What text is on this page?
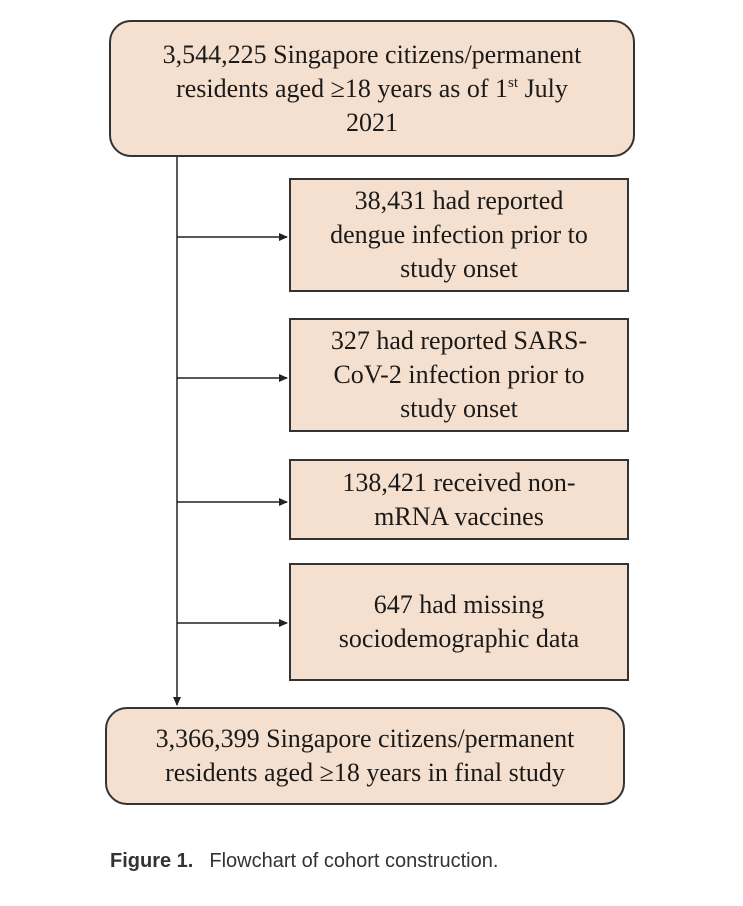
3,544,225 Singapore citizens/permanent
residents aged ≥18 years as of 1st July
2021
38,431 had reported
dengue infection prior to
study onset
327 had reported SARS-
CoV-2 infection prior to
study onset
138,421 received non-
mRNA vaccines
647 had missing
sociodemographic data
3,366,399 Singapore citizens/permanent
residents aged ≥18 years in final study
Figure 1. Flowchart of cohort construction.
